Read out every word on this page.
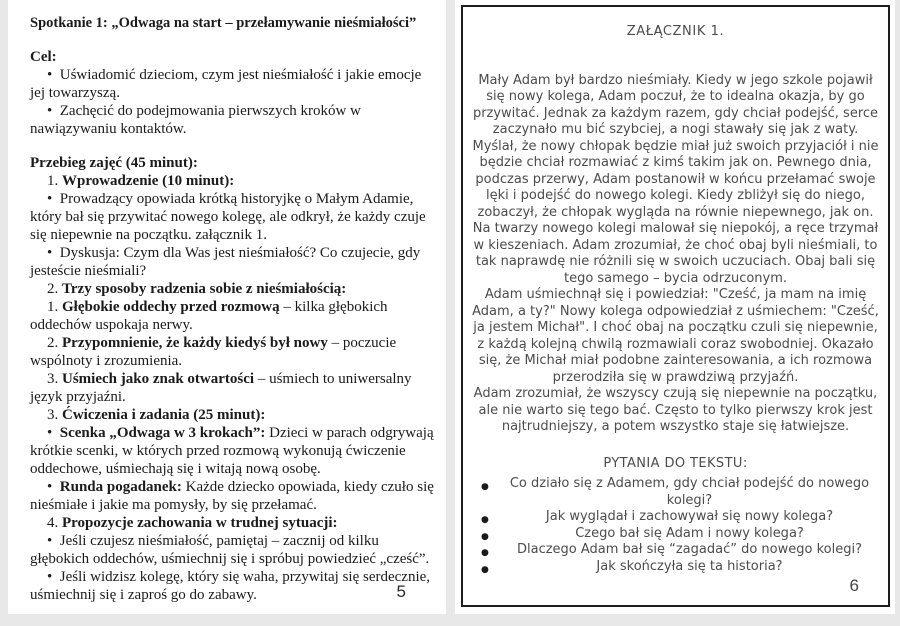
Spotkanie 1: „Odwaga na start – przełamywanie nieśmiałości”

Cel:

•  Uświadomić dzieciom, czym jest nieśmiałość i jakie emocje jej towarzyszą.

•  Zachęcić do podejmowania pierwszych kroków w nawiązywaniu kontaktów.

Przebieg zajęć (45 minut):

1. Wprowadzenie (10 minut):

•  Prowadzący opowiada krótką historyjkę o Małym Adamie, który bał się przywitać nowego kolegę, ale odkrył, że każdy czuje się niepewnie na początku. załącznik 1.

•  Dyskusja: Czym dla Was jest nieśmiałość? Co czujecie, gdy jesteście nieśmiali?

2. Trzy sposoby radzenia sobie z nieśmiałością:

1. Głębokie oddechy przed rozmową – kilka głębokich oddechów uspokaja nerwy.

2. Przypomnienie, że każdy kiedyś był nowy – poczucie wspólnoty i zrozumienia.

3. Uśmiech jako znak otwartości – uśmiech to uniwersalny język przyjaźni.

3. Ćwiczenia i zadania (25 minut):

•  Scenka „Odwaga w 3 krokach”: Dzieci w parach odgrywają krótkie scenki, w których przed rozmową wykonują ćwiczenie oddechowe, uśmiechają się i witają nową osobę.

•  Runda pogadanek: Każde dziecko opowiada, kiedy czuło się nieśmiałe i jakie ma pomysły, by się przełamać.

4. Propozycje zachowania w trudnej sytuacji:

•  Jeśli czujesz nieśmiałość, pamiętaj – zacznij od kilku głębokich oddechów, uśmiechnij się i spróbuj powiedzieć „cześć”.

•  Jeśli widzisz kolegę, który się waha, przywitaj się serdecznie, uśmiechnij się i zaproś go do zabawy.	5
ZAŁĄCZNIK 1.

Mały Adam był bardzo nieśmiały. Kiedy w jego szkole pojawił się nowy kolega, Adam poczuł, że to idealna okazja, by go przywitać. Jednak za każdym razem, gdy chciał podejść, serce zaczynało mu bić szybciej, a nogi stawały się jak z waty. Myślał, że nowy chłopak będzie miał już swoich przyjaciół i nie będzie chciał rozmawiać z kimś takim jak on. Pewnego dnia, podczas przerwy, Adam postanowił w końcu przełamać swoje lęki i podejść do nowego kolegi. Kiedy zbliżył się do niego, zobaczył, że chłopak wygląda na równie niepewnego, jak on. Na twarzy nowego kolegi malował się niepokój, a ręce trzymał w kieszeniach. Adam zrozumiał, że choć obaj byli nieśmiali, to tak naprawdę nie różnili się w swoich uczuciach. Obaj bali się tego samego – bycia odrzuconym.

Adam uśmiechnął się i powiedział: "Cześć, ja mam na imię Adam, a ty?" Nowy kolega odpowiedział z uśmiechem: "Cześć, ja jestem Michał". I choć obaj na początku czuli się niepewnie, z każdą kolejną chwilą rozmawiali coraz swobodniej. Okazało się, że Michał miał podobne zainteresowania, a ich rozmowa przerodziła się w prawdziwą przyjaźń.

Adam zrozumiał, że wszyscy czują się niepewnie na początku, ale nie warto się tego bać. Często to tylko pierwszy krok jest najtrudniejszy, a potem wszystko staje się łatwiejsze.

PYTANIA DO TEKSTU:
● Co działo się z Adamem, gdy chciał podejść do nowego kolegi?
● Jak wyglądał i zachowywał się nowy kolega?
● Czego bał się Adam i nowy kolega?
● Dlaczego Adam bał się “zagadać” do nowego kolegi?
● Jak skończyła się ta historia?
6
